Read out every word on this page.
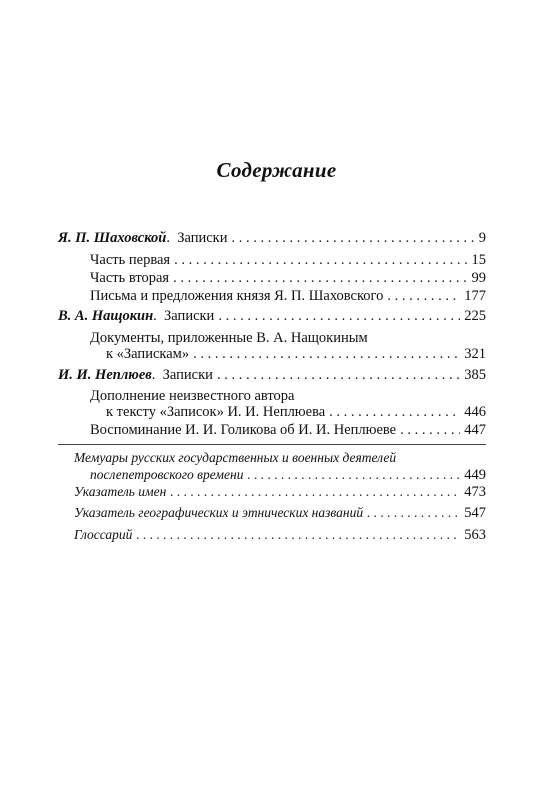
Содержание
Я. П. Шаховской. Записки . . .	9
Часть первая . . .	15
Часть вторая . . .	99
Письма и предложения князя Я. П. Шаховского . . .	177
В. А. Нащокин. Записки . . .	225
Документы, приложенные В. А. Нащокиным
к «Запискам» . . .	321
И. И. Неплюев. Записки . . .	385
Дополнение неизвестного автора
к тексту «Записок» И. И. Неплюева . . .	446
Воспоминание И. И. Голикова об И. И. Неплюеве . . .	447
Мемуары русских государственных и военных деятелей
послепетровского времени . . .	449
Указатель имен . . .	473
Указатель географических и этнических названий . . .	547
Глоссарий . . .	563
